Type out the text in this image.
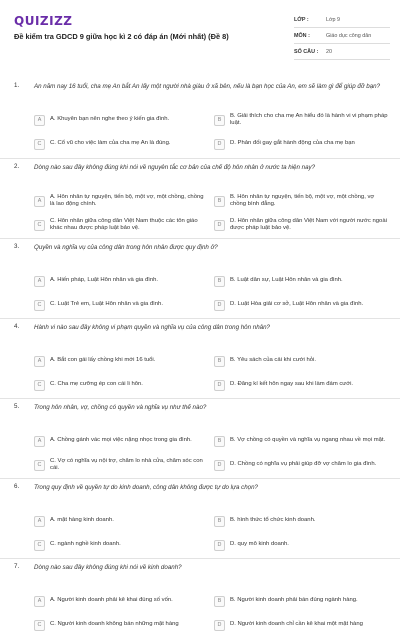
QUIZIZZ
Đề kiểm tra GDCD 9 giữa học kì 2 có đáp án (Mới nhất) (Đề 8)
LỚP :	Lớp 9
MÔN :	Giáo dục công dân
SỐ CÂU :	20
1. An năm nay 16 tuổi, cha mẹ An bắt An lấy một người nhà giàu ở xã bên, nếu là bạn học của An, em sẽ làm gì để giúp đỡ bạn?
A	A. Khuyên bạn nên nghe theo ý kiến gia đình.	B
B. Giải thích cho cha mẹ An hiểu đó là hành vi vi phạm pháp luật.
C	C. Cổ vũ cho việc làm của cha mẹ An là đúng.	D	D. Phản đối gay gắt hành động của cha mẹ bạn
2. Dòng nào sau đây không đúng khi nói về nguyên tắc cơ bản của chế độ hôn nhân ở nước ta hiện nay?
A
A. Hôn nhân tự nguyện, tiến bộ, một vợ, một chồng, chồng là lao động chính.	B
B. Hôn nhân tự nguyện, tiến bộ, một vợ, một chồng, vợ chồng bình đẳng.
C
C. Hôn nhân giữa công dân Việt Nam thuộc các tôn giáo khác nhau được pháp luật bảo vệ.	D
D. Hôn nhân giữa công dân Việt Nam với người nước ngoài được pháp luật bảo vệ.
3. Quyền và nghĩa vụ của công dân trong hôn nhân được quy định ở?
A	A. Hiến pháp, Luật Hôn nhân và gia đình.	B	B. Luật dân sự, Luật Hôn nhân và gia đình.
C	C. Luật Trẻ em, Luật Hôn nhân và gia đình.	D	D. Luật Hòa giải cơ sở, Luật Hôn nhân và gia đình.
4. Hành vi nào sau đây không vi phạm quyền và nghĩa vụ của công dân trong hôn nhân?
A	A. Bắt con gái lấy chồng khi mới 16 tuổi.	B	B. Yêu sách của cải khi cưới hỏi.
C	C. Cha mẹ cưỡng ép con cái li hôn.	D	D. Đăng kí kết hôn ngay sau khi làm đám cưới.
5. Trong hôn nhân, vợ, chồng có quyền và nghĩa vụ như thế nào?
A	A. Chồng gánh vác mọi việc nặng nhọc trong gia đình.	B	B. Vợ chồng có quyền và nghĩa vụ ngang nhau về mọi mặt.
C
C. Vợ có nghĩa vụ nội trợ, chăm lo nhà cửa, chăm sóc con cái.	D	D. Chồng có nghĩa vụ phải giúp đỡ vợ chăm lo gia đình.
6. Trong quy định về quyền tự do kinh doanh, công dân không được tự do lựa chọn?
A	A. mặt hàng kinh doanh.	B	B. hình thức tổ chức kinh doanh.
C	C. ngành nghề kinh doanh.	D	D. quy mô kinh doanh.
7. Dòng nào sau đây không đúng khi nói về kinh doanh?
A	A. Người kinh doanh phải kê khai đúng số vốn.	B	B. Người kinh doanh phải bán đúng ngành hàng.
C	C. Người kinh doanh không bán những mặt hàng	D	D. Người kinh doanh chỉ cần kê khai một mặt hàng
